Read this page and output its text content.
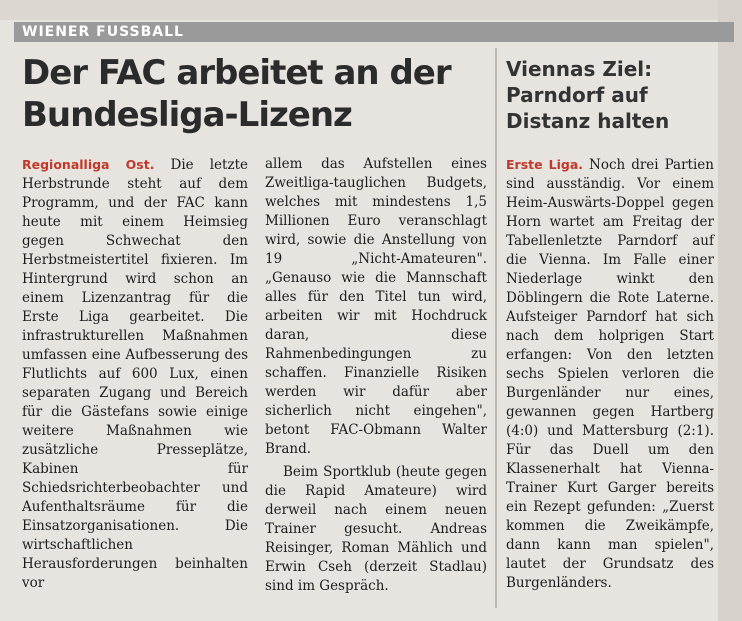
WIENER FUSSBALL
Der FAC arbeitet an der
Bundesliga-Lizenz
Viennas Ziel:
Parndorf auf
Distanz halten

Regionalliga Ost. Die letzte Herbstrunde steht auf dem Programm, und der FAC kann heute mit einem Heimsieg gegen Schwechat den Herbstmeistertitel fixieren. Im Hintergrund wird schon an einem Lizenzantrag für die Erste Liga gearbeitet. Die infrastrukturellen Maßnahmen umfassen eine Aufbesserung des Flutlichts auf 600 Lux, einen separaten Zugang und Bereich für die Gästefans sowie einige weitere Maßnahmen wie zusätzliche Presseplätze, Kabinen für Schiedsrichterbeobachter und Aufenthaltsräume für die Einsatzorganisationen. Die wirtschaftlichen Herausforderungen beinhalten vor

allem das Aufstellen eines Zweitliga-tauglichen Budgets, welches mit mindestens 1,5 Millionen Euro veranschlagt wird, sowie die Anstellung von 19 „Nicht-Amateuren". „Genauso wie die Mannschaft alles für den Titel tun wird, arbeiten wir mit Hochdruck daran, diese Rahmenbedingungen zu schaffen. Finanzielle Risiken werden wir dafür aber sicherlich nicht eingehen", betont FAC-Obmann Walter Brand.

Beim Sportklub (heute gegen die Rapid Amateure) wird derweil nach einem neuen Trainer gesucht. Andreas Reisinger, Roman Mählich und Erwin Cseh (derzeit Stadlau) sind im Gespräch.

Erste Liga. Noch drei Partien sind ausständig. Vor einem Heim-Auswärts-Doppel gegen Horn wartet am Freitag der Tabellenletzte Parndorf auf die Vienna. Im Falle einer Niederlage winkt den Döblingern die Rote Laterne. Aufsteiger Parndorf hat sich nach dem holprigen Start erfangen: Von den letzten sechs Spielen verloren die Burgenländer nur eines, gewannen gegen Hartberg (4:0) und Mattersburg (2:1). Für das Duell um den Klassenerhalt hat Vienna-Trainer Kurt Garger bereits ein Rezept gefunden: „Zuerst kommen die Zweikämpfe, dann kann man spielen", lautet der Grundsatz des Burgenländers.
